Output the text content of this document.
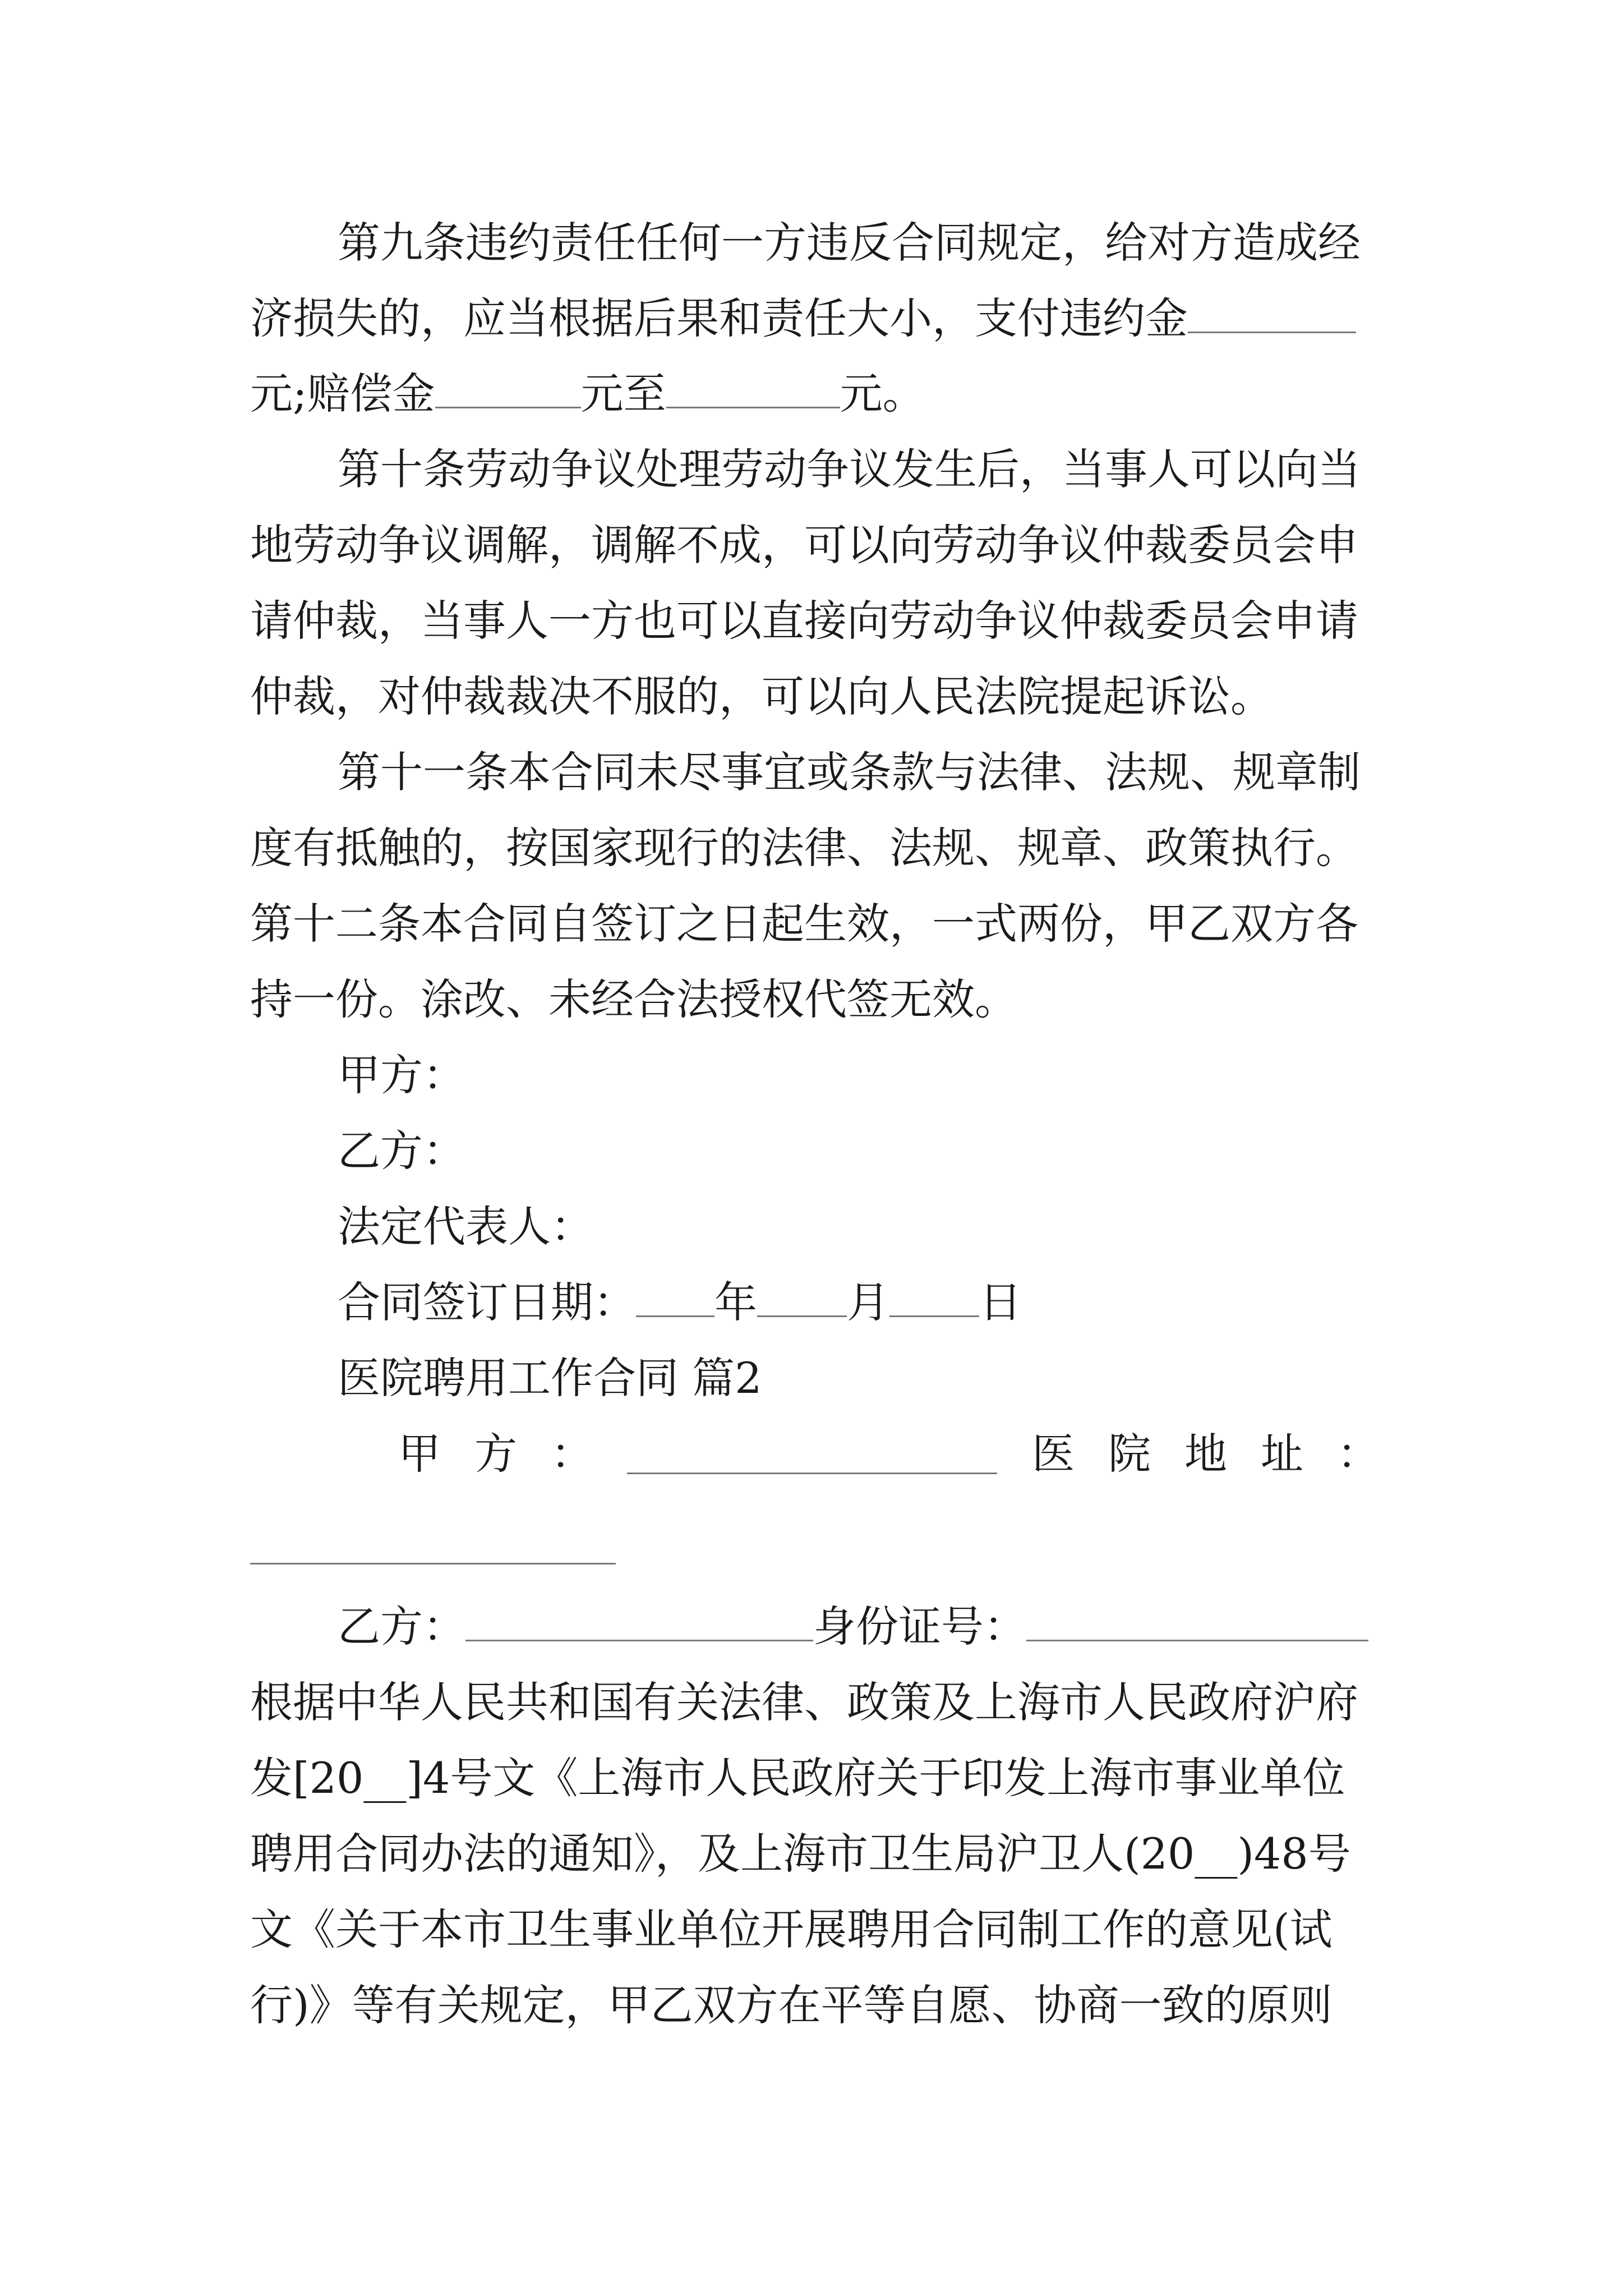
第九条违约责任任何一方违反合同规定，给对方造成经
济损失的，应当根据后果和责任大小，支付违约金
元;赔偿金	元至	元。
第十条劳动争议处理劳动争议发生后，当事人可以向当
地劳动争议调解，调解不成，可以向劳动争议仲裁委员会申
请仲裁，当事人一方也可以直接向劳动争议仲裁委员会申请
仲裁，对仲裁裁决不服的，可以向人民法院提起诉讼。
第十一条本合同未尽事宜或条款与法律、法规、规章制
度有抵触的，按国家现行的法律、法规、规章、政策执行。
第十二条本合同自签订之日起生效，一式两份，甲乙双方各
持一份。涂改、未经合法授权代签无效。
甲方：
乙方：
法定代表人：
合同签订日期： 年 月 日
医院聘用工作合同 篇2
甲方：	医院地址：
乙方：	身份证号：
根据中华人民共和国有关法律、政策及上海市人民政府沪府
发[20__]4号文《上海市人民政府关于印发上海市事业单位
聘用合同办法的通知》，及上海市卫生局沪卫人(20__)48号
文《关于本市卫生事业单位开展聘用合同制工作的意见(试
行)》等有关规定，甲乙双方在平等自愿、协商一致的原则
